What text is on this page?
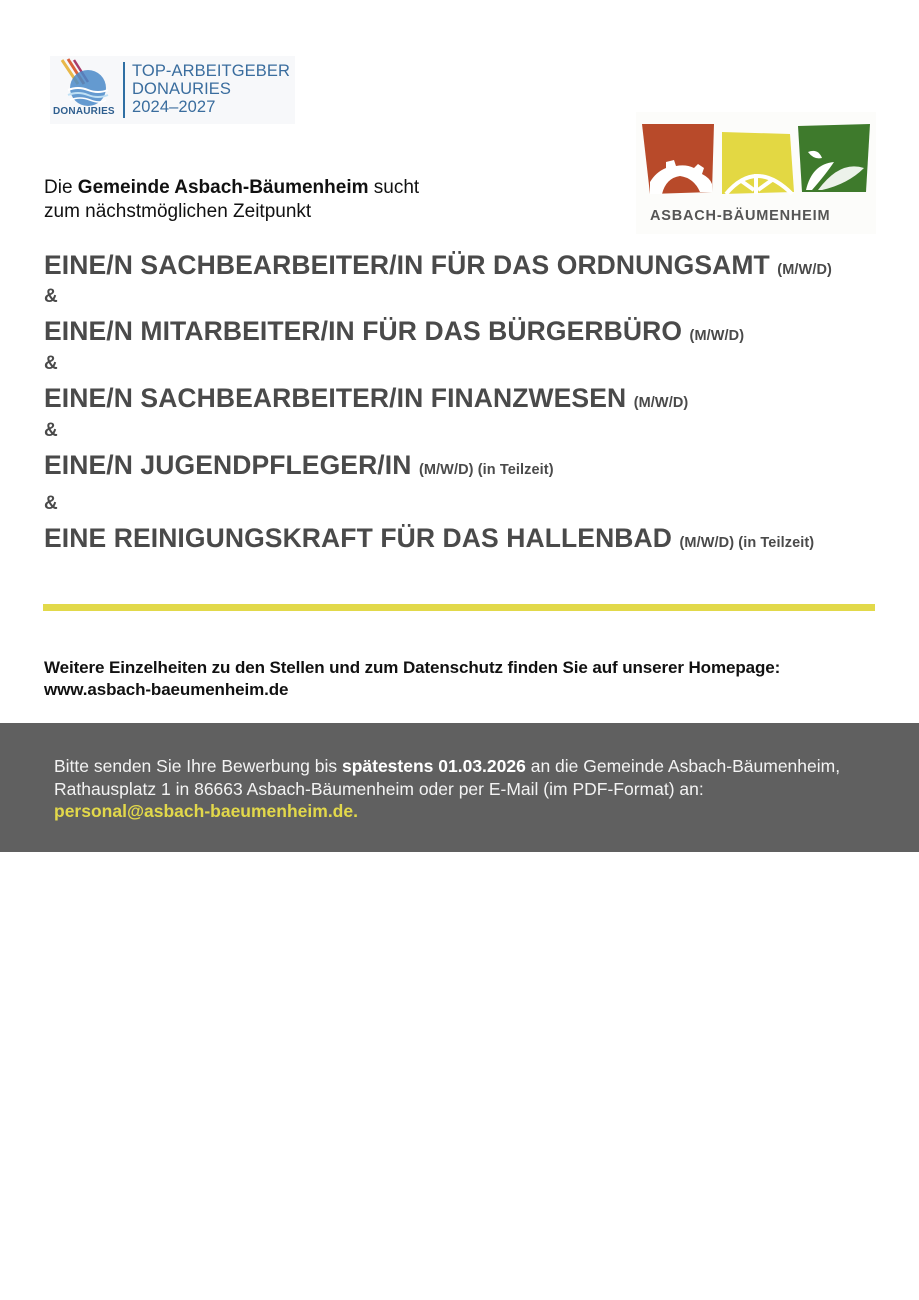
DONAURIES
TOP-ARBEITGEBER
DONAURIES
2024–2027
ASBACH-BÄUMENHEIM
Die Gemeinde Asbach-Bäumenheim sucht
zum nächstmöglichen Zeitpunkt
EINE/N SACHBEARBEITER/IN FÜR DAS ORDNUNGSAMT (M/W/D)
&
EINE/N MITARBEITER/IN FÜR DAS BÜRGERBÜRO (M/W/D)
&
EINE/N SACHBEARBEITER/IN FINANZWESEN (M/W/D)
&
EINE/N JUGENDPFLEGER/IN (M/W/D) (in Teilzeit)
&
EINE REINIGUNGSKRAFT FÜR DAS HALLENBAD (M/W/D) (in Teilzeit)
Weitere Einzelheiten zu den Stellen und zum Datenschutz finden Sie auf unserer Homepage:
www.asbach-baeumenheim.de
Bitte senden Sie Ihre Bewerbung bis spätestens 01.03.2026 an die Gemeinde Asbach-Bäumenheim, Rathausplatz 1 in 86663 Asbach-Bäumenheim oder per E-Mail (im PDF-Format) an:
personal@asbach-baeumenheim.de.
